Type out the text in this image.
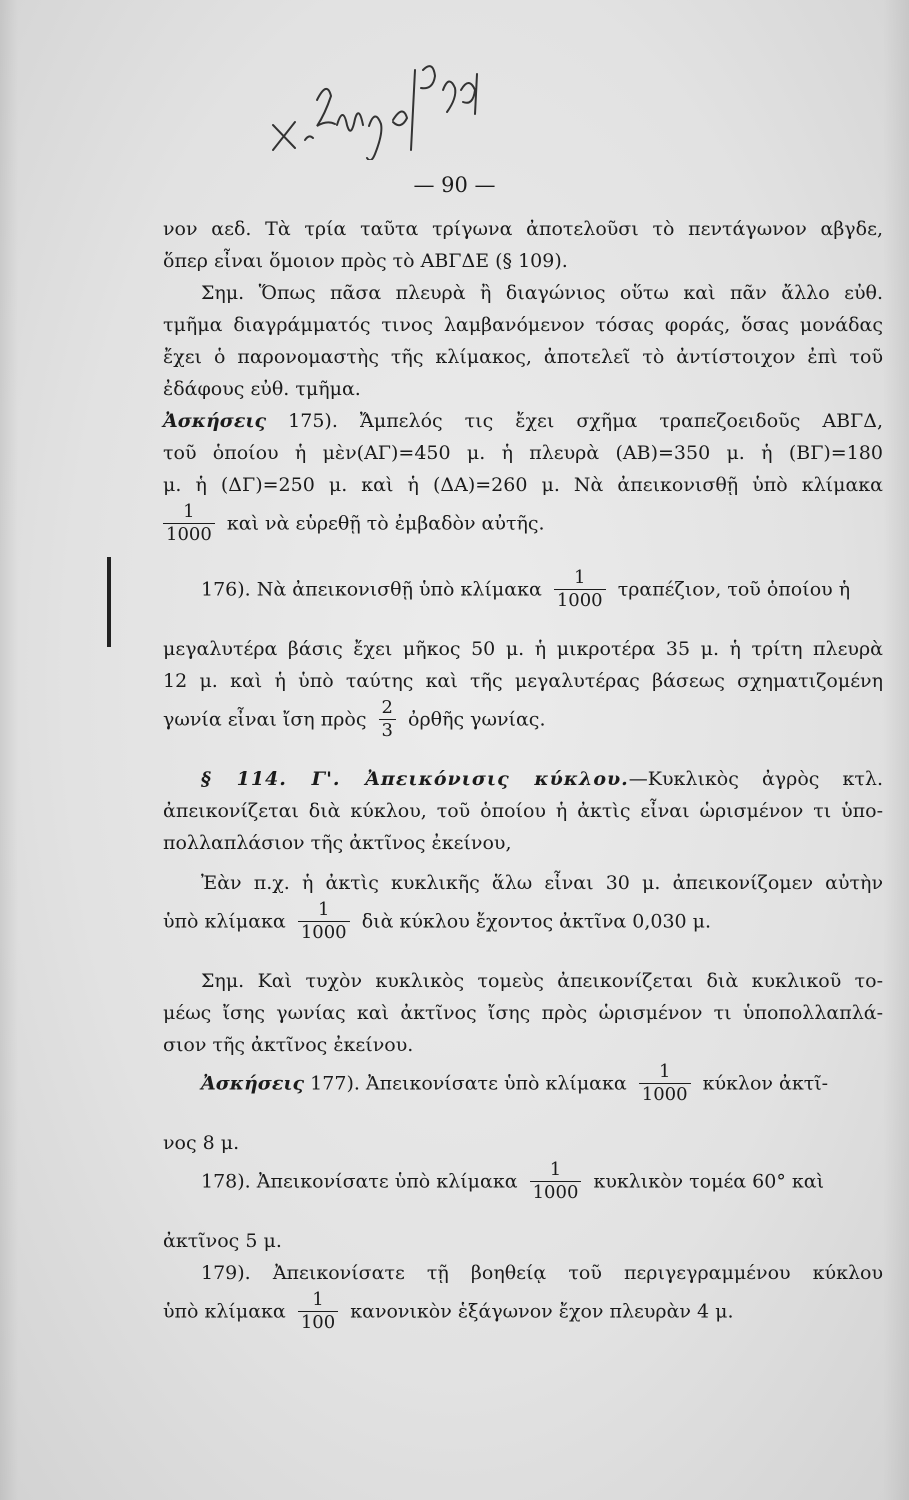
— 90 —
νον αεδ. Τὰ τρία ταῦτα τρίγωνα ἀποτελοῦσι τὸ πεντάγωνον αβγδε,
ὅπερ εἶναι ὅμοιον πρὸς τὸ ΑΒΓΔΕ (§ 109).
Σημ. Ὅπως πᾶσα πλευρὰ ἢ διαγώνιος οὕτω καὶ πᾶν ἄλλο εὐθ.
τμῆμα διαγράμματός τινος λαμβανόμενον τόσας φοράς, ὅσας μονάδας
ἔχει ὁ παρονομαστὴς τῆς κλίμακος, ἀποτελεῖ τὸ ἀντίστοιχον ἐπὶ τοῦ
ἐδάφους εὐθ. τμῆμα.
Ἀσκήσεις 175). Ἄμπελός τις ἔχει σχῆμα τραπεζοειδοῦς ΑΒΓΔ,
τοῦ ὁποίου ἡ μὲν(ΑΓ)=450 μ. ἡ πλευρὰ (ΑΒ)=350 μ. ἡ (ΒΓ)=180
μ. ἡ (ΔΓ)=250 μ. καὶ ἡ (ΔΑ)=260 μ. Νὰ ἀπεικονισθῇ ὑπὸ κλίμακα
$\frac{1}{1000}$ καὶ νὰ εὑρεθῇ τὸ ἐμβαδὸν αὐτῆς.
176). Νὰ ἀπεικονισθῇ ὑπὸ κλίμακα $\frac{1}{1000} \tau\rho\alpha\pi έ\zeta\iota o\nu$, τοῦ ὁποίου ἡ
μεγαλυτέρα βάσις ἔχει μῆκος 50 μ. ἡ μικροτέρα 35 μ. ἡ τρίτη πλευρὰ
12 μ. καὶ ἡ ὑπὸ ταύτης καὶ τῆς μεγαλυτέρας βάσεως σχηματιζομένη
γωνία εἶναι ἴση πρὸς $\frac{2}{3}$ ὀρθῆς γωνίας.
§ 114. Γ'. Ἀπεικόνισις κύκλου.—Κυκλικὸς ἀγρὸς κτλ.
ἀπεικονίζεται διὰ κύκλου, τοῦ ὁποίου ἡ ἀκτὶς εἶναι ὡρισμένον τι ὑπο-
πολλαπλάσιον τῆς ἀκτῖνος ἐκείνου,
Ἐὰν π.χ. ἡ ἀκτὶς κυκλικῆς ἅλω εἶναι 30 μ. ἀπεικονίζομεν αὐτὴν
ὑπὸ κλίμακα $\frac{1}{1000}$ διὰ κύκλου ἔχοντος ἀκτῖνα 0,030 μ.
Σημ. Καὶ τυχὸν κυκλικὸς τομεὺς ἀπεικονίζεται διὰ κυκλικοῦ το-
μέως ἴσης γωνίας καὶ ἀκτῖνος ἴσης πρὸς ὡρισμένον τι ὑποπολλαπλά-
σιον τῆς ἀκτῖνος ἐκείνου.
Ἀσκήσεις 177). Ἀπεικονίσατε ὑπὸ κλίμακα $\frac{1}{1000}$ κύκλον ἀκτῖ-
νος 8 μ.
178). Ἀπεικονίσατε ὑπὸ κλίμακα $\frac{1}{1000}$ κυκλικὸν τομέα 60° καὶ
ἀκτῖνος 5 μ.
179). Ἀπεικονίσατε τῇ βοηθείᾳ τοῦ περιγεγραμμένου κύκλου
ὑπὸ κλίμακα $\frac{1}{100}$ κανονικὸν ἑξάγωνον ἔχον πλευρὰν 4 μ.
